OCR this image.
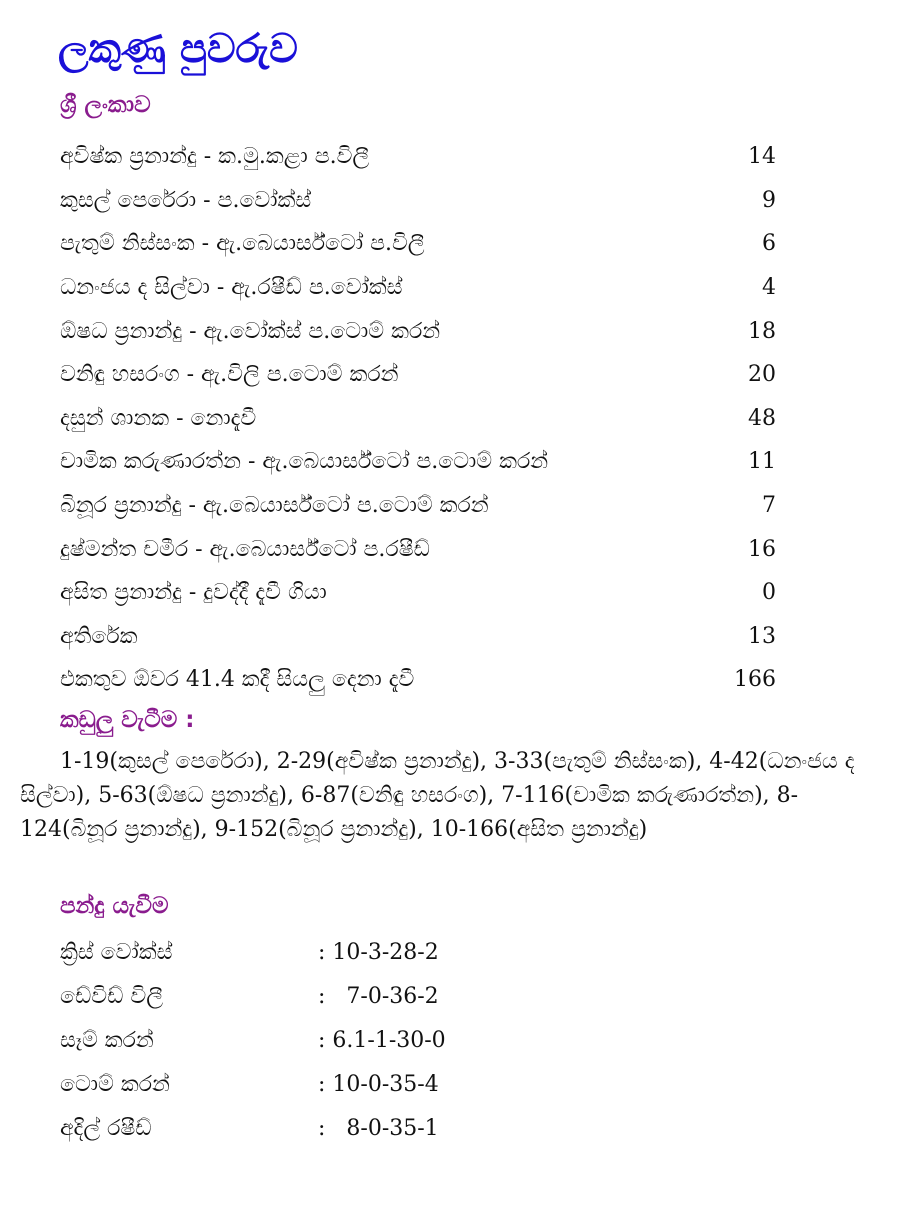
ලකුණු පුවරුව
ශ්‍රී ලංකාව
අවිෂ්ක ප්‍රනාන්දු - ක.මු.කළා ප.විලී	14
කුසල් පෙරේරා - ප.වෝක්ස්	9
පැතුම් නිස්සංක - ඇ.බෙයාර්ස්ටෝ ප.විලී	6
ධනංජය ද සිල්වා - ඇ.රෂීඩ් ප.වෝක්ස්	4
ඕෂධ ප්‍රනාන්දු - ඇ.වෝක්ස් ප.ටොම් කරන්	18
වනිඳු හසරංග - ඇ.විලි ප.ටොම් කරන්	20
දසුන් ශානක - නොදැවී	48
චාමික කරුණාරත්න - ඇ.බෙයාර්ස්ටෝ ප.ටොම් කරන්	11
බිනූර ප්‍රනාන්දු - ඇ.බෙයාර්ස්ටෝ ප.ටොම් කරන්	7
දුෂ්මන්ත චමීර - ඇ.බෙයාර්ස්ටෝ ප.රෂීඩ්	16
අසිත ප්‍රනාන්දු - දුවද්දී දැවී ගියා	0
අතිරේක	13
එකතුව ඕවර 41.4 කදී සියලු දෙනා දැවී	166
කඩුලු වැටීම :

1-19(කුසල් පෙරේරා), 2-29(අවිෂ්ක ප්‍රනාන්දු), 3-33(පැතුම් නිස්සංක), 4-42(ධනංජය ද සිල්වා), 5-63(ඕෂධ ප්‍රනාන්දු), 6-87(වනිඳු හසරංග), 7-116(චාමික කරුණාරත්න), 8-124(බිනූර ප්‍රනාන්දු), 9-152(බිනූර ප්‍රනාන්දු), 10-166(අසිත ප්‍රනාන්දු)

පන්දු යැවීම
ක්‍රිස් වෝක්ස්	: 10-3-28-2
ඩේවිඩ් විලී	:   7-0-36-2
සෑම් කරන්	: 6.1-1-30-0
ටොම් කරන්	: 10-0-35-4
අදිල් රෂීඩ්	:   8-0-35-1
